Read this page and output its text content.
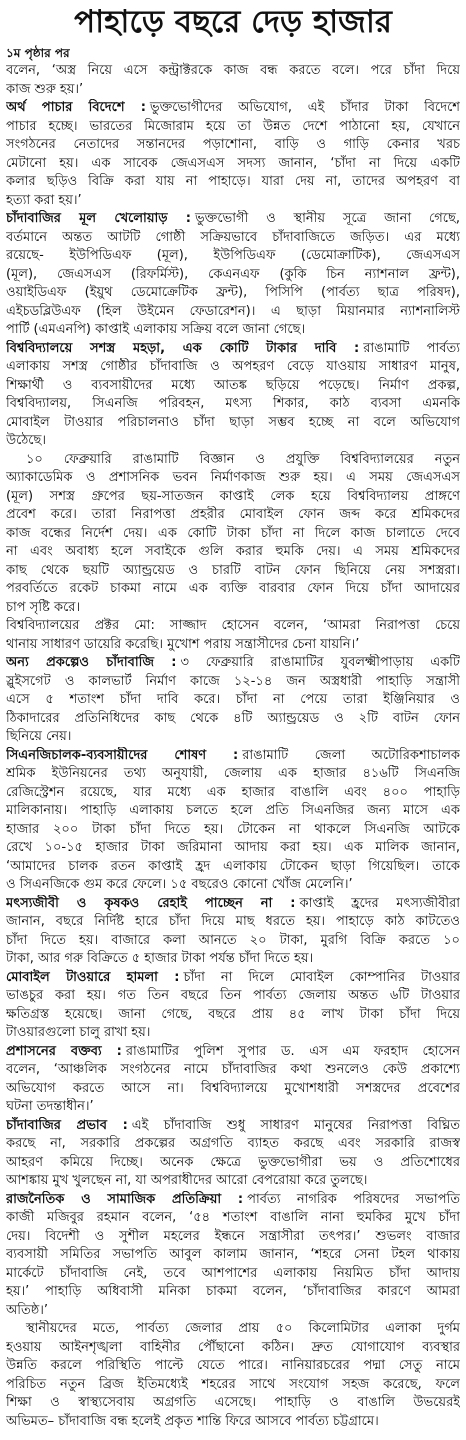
পাহাড়ে বছরে দেড় হাজার
১ম পৃষ্ঠার পর
বলেন, ‘অস্ত্র নিয়ে এসে কন্ট্রাক্টরকে কাজ বন্ধ করতে বলে। পরে চাঁদা দিয়ে
কাজ শুরু হয়।’
অর্থ পাচার বিদেশে : ভুক্তভোগীদের অভিযোগ, এই চাঁদার টাকা বিদেশে
পাচার হচ্ছে। ভারতের মিজোরাম হয়ে তা উন্নত দেশে পাঠানো হয়, যেখানে
সংগঠনের নেতাদের সন্তানদের পড়াশোনা, বাড়ি ও গাড়ি কেনার খরচ
মেটানো হয়। এক সাবেক জেএসএস সদস্য জানান, ‘চাঁদা না দিয়ে একটি
কলার ছড়িও বিক্রি করা যায় না পাহাড়ে। যারা দেয় না, তাদের অপহরণ বা
হত্যা করা হয়।’
চাঁদাবাজির মূল খেলোয়াড় : ভুক্তভোগী ও স্থানীয় সূত্রে জানা গেছে,
বর্তমানে অন্তত আটটি গোষ্ঠী সক্রিয়ভাবে চাঁদাবাজিতে জড়িত। এর মধ্যে
রয়েছে- ইউপিডিএফ (মূল), ইউপিডিএফ (ডেমোক্রাটিক), জেএসএস
(মূল), জেএসএস (রিফর্মিস্ট), কেএনএফ (কুকি চিন ন্যাশনাল ফ্রন্ট),
ওয়াইডিএফ (ইয়ুথ ডেমোক্রেটিক ফ্রন্ট), পিসিপি (পার্বত্য ছাত্র পরিষদ),
এইচডব্লিউএফ (হিল উইমেন ফেডারেশন)। এ ছাড়া মিয়ানমার ন্যাশনালিস্ট
পার্টি (এমএনপি) কাপ্তাই এলাকায় সক্রিয় বলে জানা গেছে।
বিশ্ববিদ্যালয়ে সশস্ত্র মহড়া, এক কোটি টাকার দাবি : রাঙামাটি পার্বত্য
এলাকায় সশস্ত্র গোষ্ঠীর চাঁদাবাজি ও অপহরণ বেড়ে যাওয়ায় সাধারণ মানুষ,
শিক্ষার্থী ও ব্যবসায়ীদের মধ্যে আতঙ্ক ছড়িয়ে পড়েছে। নির্মাণ প্রকল্প,
বিশ্ববিদ্যালয়, সিএনজি পরিবহন, মৎস্য শিকার, কাঠ ব্যবসা এমনকি
মোবাইল টাওয়ার পরিচালনাও চাঁদা ছাড়া সম্ভব হচ্ছে না বলে অভিযোগ
উঠেছে।
১০ ফেব্রুয়ারি রাঙামাটি বিজ্ঞান ও প্রযুক্তি বিশ্ববিদ্যালয়ের নতুন
অ্যাকাডেমিক ও প্রশাসনিক ভবন নির্মাণকাজ শুরু হয়। এ সময় জেএসএস
(মূল) সশস্ত্র গ্রুপের ছয়-সাতজন কাপ্তাই লেক হয়ে বিশ্ববিদ্যালয় প্রাঙ্গণে
প্রবেশ করে। তারা নিরাপত্তা প্রহরীর মোবাইল ফোন জব্দ করে শ্রমিকদের
কাজ বন্ধের নির্দেশ দেয়। এক কোটি টাকা চাঁদা না দিলে কাজ চালাতে দেবে
না এবং অবাধ্য হলে সবাইকে গুলি করার হুমকি দেয়। এ সময় শ্রমিকদের
কাছ থেকে ছয়টি অ্যান্ড্রয়েড ও চারটি বাটন ফোন ছিনিয়ে নেয় সশস্ত্ররা।
পরবর্তিতে রকেট চাকমা নামে এক ব্যক্তি বারবার ফোন দিয়ে চাঁদা আদায়ের
চাপ সৃষ্টি করে।
বিশ্ববিদ্যালয়ের প্রক্টর মো: সাজ্জাদ হোসেন বলেন, ‘আমরা নিরাপত্তা চেয়ে
থানায় সাধারণ ডায়েরি করেছি। মুখোশ পরায় সন্ত্রাসীদের চেনা যায়নি।’
অন্য প্রকল্পেও চাঁদাবাজি : ৩ ফেব্রুয়ারি রাঙামাটির যুবলক্ষ্মীপাড়ায় একটি
স্লুইসগেট ও কালভার্ট নির্মাণ কাজে ১২-১৪ জন অস্ত্রধারী পাহাড়ি সন্ত্রাসী
এসে ৫ শতাংশ চাঁদা দাবি করে। চাঁদা না পেয়ে তারা ইঞ্জিনিয়ার ও
ঠিকাদারের প্রতিনিধিদের কাছ থেকে ৪টি অ্যান্ড্রয়েড ও ২টি বাটন ফোন
ছিনিয়ে নেয়।
সিএনজিচালক-ব্যবসায়ীদের শোষণ : রাঙামাটি জেলা অটোরিকশাচালক
শ্রমিক ইউনিয়নের তথ্য অনুযায়ী, জেলায় এক হাজার ৪১৬টি সিএনজি
রেজিস্ট্রেশন রয়েছে, যার মধ্যে এক হাজার বাঙালি এবং ৪০০ পাহাড়ি
মালিকানায়। পাহাড়ি এলাকায় চলতে হলে প্রতি সিএনজির জন্য মাসে এক
হাজার ২০০ টাকা চাঁদা দিতে হয়। টোকেন না থাকলে সিএনজি আটকে
রেখে ১০-১৫ হাজার টাকা জরিমানা আদায় করা হয়। এক মালিক জানান,
‘আমাদের চালক রতন কাপ্তাই হ্রদ এলাকায় টোকেন ছাড়া গিয়েছিল। তাকে
ও সিএনজিকে গুম করে ফেলে। ১৫ বছরেও কোনো খোঁজ মেলেনি।’
মৎস্যজীবী ও কৃষকও রেহাই পাচ্ছেন না : কাপ্তাই হ্রদের মৎস্যজীবীরা
জানান, বছরে নির্দিষ্ট হারে চাঁদা দিয়ে মাছ ধরতে হয়। পাহাড়ে কাঠ কাটতেও
চাঁদা দিতে হয়। বাজারে কলা আনতে ২০ টাকা, মুরগি বিক্রি করতে ১০
টাকা, আর গরু বিক্রিতে ৫ হাজার টাকা পর্যন্ত চাঁদা দিতে হয়।
মোবাইল টাওয়ারে হামলা : চাঁদা না দিলে মোবাইল কোম্পানির টাওয়ার
ভাঙচুর করা হয়। গত তিন বছরে তিন পার্বত্য জেলায় অন্তত ৬টি টাওয়ার
ক্ষতিগ্রস্ত হয়েছে। জানা গেছে, বছরে প্রায় ৪৫ লাখ টাকা চাঁদা দিয়ে
টাওয়ারগুলো চালু রাখা হয়।
প্রশাসনের বক্তব্য : রাঙামাটির পুলিশ সুপার ড. এস এম ফরহাদ হোসেন
বলেন, ‘আঞ্চলিক সংগঠনের নামে চাঁদাবাজির কথা শুনলেও কেউ প্রকাশ্যে
অভিযোগ করতে আসে না। বিশ্ববিদ্যালয়ে মুখোশধারী সশস্ত্রদের প্রবেশের
ঘটনা তদন্তাধীন।’
চাঁদাবাজির প্রভাব : এই চাঁদাবাজি শুধু সাধারণ মানুষের নিরাপত্তা বিঘ্নিত
করছে না, সরকারি প্রকল্পের অগ্রগতি ব্যাহত করছে এবং সরকারি রাজস্ব
আহরণ কমিয়ে দিচ্ছে। অনেক ক্ষেত্রে ভুক্তভোগীরা ভয় ও প্রতিশোধের
আশঙ্কায় মুখ খুলছেন না, যা অপরাধীদের আরো বেপরোয়া করে তুলছে।
রাজনৈতিক ও সামাজিক প্রতিক্রিয়া : পার্বত্য নাগরিক পরিষদের সভাপতি
কাজী মজিবুর রহমান বলেন, ‘৫৪ শতাংশ বাঙালি নানা হুমকির মুখে চাঁদা
দেয়। বিদেশী ও সুশীল মহলের ইন্ধনে সন্ত্রাসীরা তৎপর।’ শুভলং বাজার
ব্যবসায়ী সমিতির সভাপতি আবুল কালাম জানান, ‘শহরে সেনা টহল থাকায়
মার্কেটে চাঁদাবাজি নেই, তবে আশপাশের এলাকায় নিয়মিত চাঁদা আদায়
হয়।’ পাহাড়ি অধিবাসী মনিকা চাকমা বলেন, ‘চাঁদাবাজির কারণে আমরা
অতিষ্ঠ।’
স্থানীয়দের মতে, পার্বত্য জেলার প্রায় ৫০ কিলোমিটার এলাকা দুর্গম
হওয়ায় আইনশৃঙ্খলা বাহিনীর পৌঁছানো কঠিন। দ্রুত যোগাযোগ ব্যবস্থার
উন্নতি করলে পরিস্থিতি পাল্টে যেতে পারে। নানিয়ারচরের পদ্মা সেতু নামে
পরিচিত নতুন ব্রিজ ইতিমধ্যেই শহরের সাথে সংযোগ সহজ করেছে, ফলে
শিক্ষা ও স্বাস্থ্যসেবায় অগ্রগতি এসেছে। পাহাড়ি ও বাঙালি উভয়েরই
অভিমত– চাঁদাবাজি বন্ধ হলেই প্রকৃত শান্তি ফিরে আসবে পার্বত্য চট্টগ্রামে।
